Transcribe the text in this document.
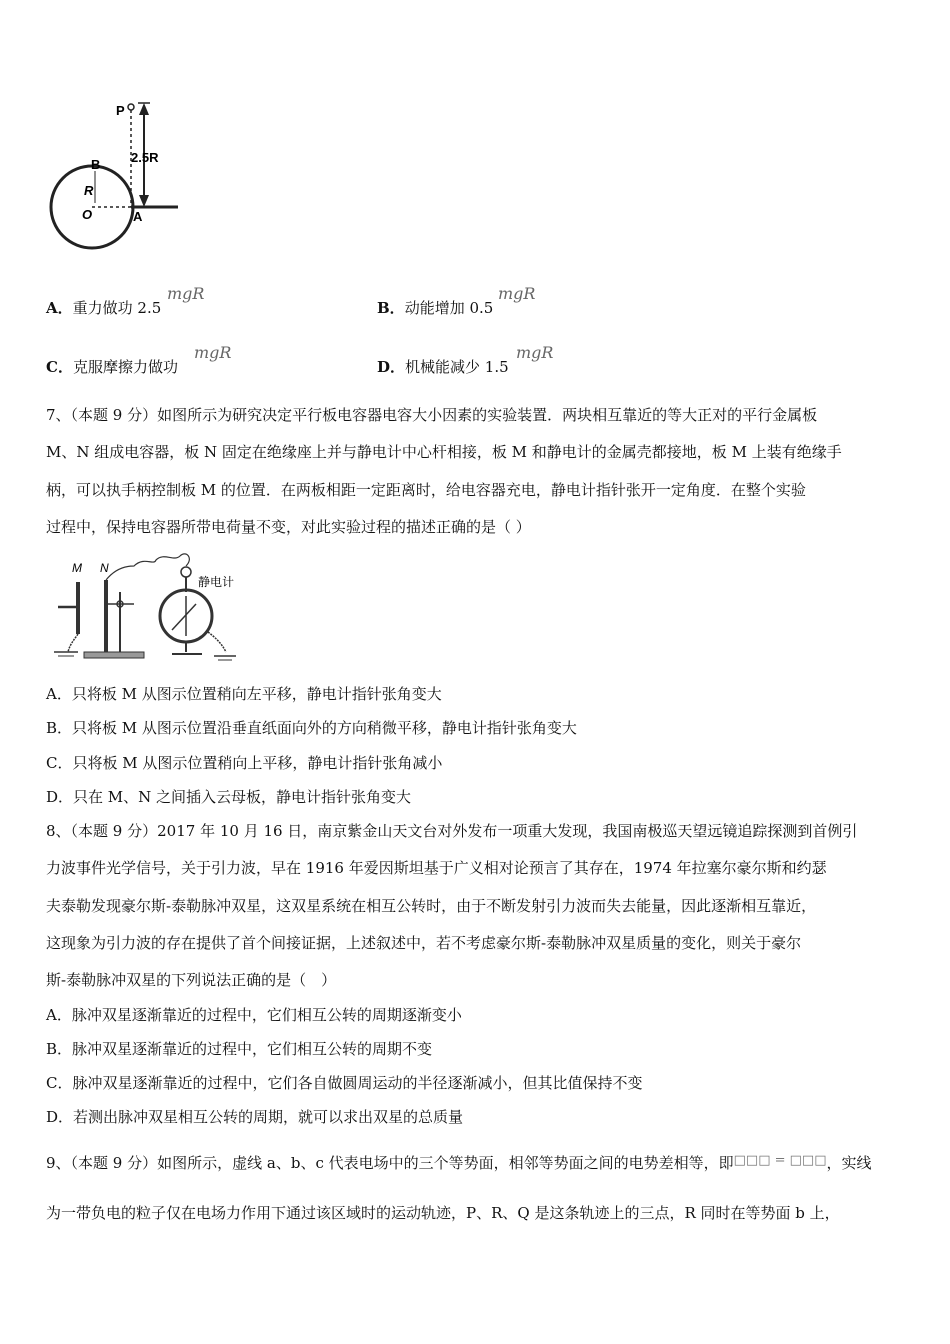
P
B
R
O	A
2.5R
A．重力做功 2.5
mgR
B．动能增加 0.5
mgR
C．克服摩擦力做功
mgR
D．机械能减少 1.5
mgR
7、（本题 9 分）如图所示为研究决定平行板电容器电容大小因素的实验装置．两块相互靠近的等大正对的平行金属板
M、N 组成电容器，板 N 固定在绝缘座上并与静电计中心杆相接，板 M 和静电计的金属壳都接地，板 M 上装有绝缘手
柄，可以执手柄控制板 M 的位置．在两板相距一定距离时，给电容器充电，静电计指针张开一定角度．在整个实验
过程中，保持电容器所带电荷量不变，对此实验过程的描述正确的是（ ）
M N
静电计
A．只将板 M 从图示位置稍向左平移，静电计指针张角变大
B．只将板 M 从图示位置沿垂直纸面向外的方向稍微平移，静电计指针张角变大
C．只将板 M 从图示位置稍向上平移，静电计指针张角减小
D．只在 M、N 之间插入云母板，静电计指针张角变大
8、（本题 9 分）2017 年 10 月 16 日，南京紫金山天文台对外发布一项重大发现，我国南极巡天望远镜追踪探测到首例引
力波事件光学信号，关于引力波，早在 1916 年爱因斯坦基于广义相对论预言了其存在，1974 年拉塞尔豪尔斯和约瑟
夫泰勒发现豪尔斯-泰勒脉冲双星，这双星系统在相互公转时，由于不断发射引力波而失去能量，因此逐渐相互靠近，
这现象为引力波的存在提供了首个间接证据，上述叙述中，若不考虑豪尔斯-泰勒脉冲双星质量的变化，则关于豪尔
斯-泰勒脉冲双星的下列说法正确的是（　）
A．脉冲双星逐渐靠近的过程中，它们相互公转的周期逐渐变小
B．脉冲双星逐渐靠近的过程中，它们相互公转的周期不变
C．脉冲双星逐渐靠近的过程中，它们各自做圆周运动的半径逐渐减小，但其比值保持不变
D．若测出脉冲双星相互公转的周期，就可以求出双星的总质量
9、（本题 9 分）如图所示，虚线 a、b、c 代表电场中的三个等势面，相邻等势面之间的电势差相等，即□□□ = □□□，实线
为一带负电的粒子仅在电场力作用下通过该区域时的运动轨迹，P、R、Q 是这条轨迹上的三点，R 同时在等势面 b 上，
